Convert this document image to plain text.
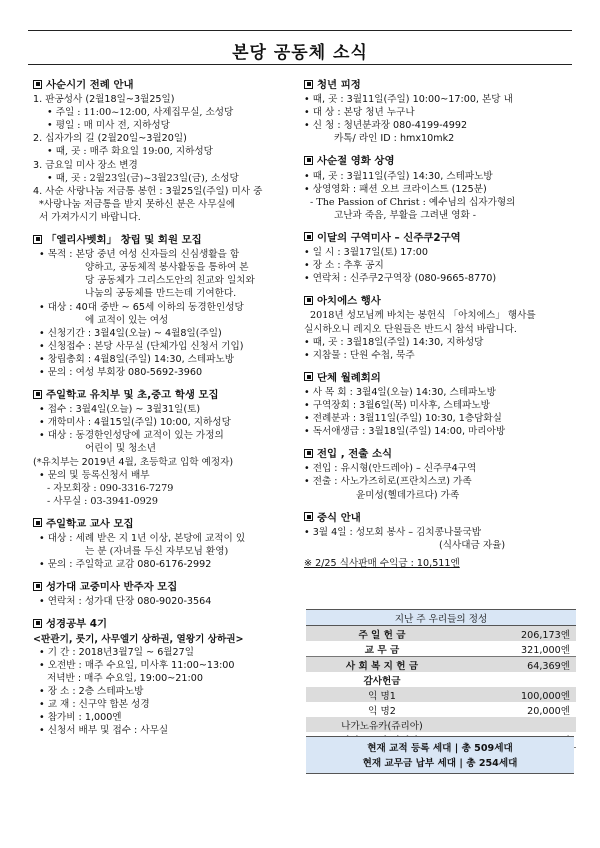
본당 공동체 소식
사순시기 전례 안내
1. 판공성사 (2월18일~3월25일)
• 주일 : 11:00~12:00, 사제집무실, 소성당
• 평일 : 매 미사 전, 지하성당
2. 십자가의 길 (2월20일~3월20일)
• 때, 곳 : 매주 화요일 19:00, 지하성당
3. 금요일 미사 장소 변경
• 때, 곳 : 2월23일(금)~3월23일(금), 소성당
4. 사순 사랑나눔 저금통 봉헌 : 3월25일(주일) 미사 중
*사랑나눔 저금통을 받지 못하신 분은 사무실에
서 가져가시기 바랍니다.
「엘리사벳회」 창립 및 회원 모집
• 목적 : 본당 중년 여성 신자들의 신심생활을 함
양하고, 공동체적 봉사활동을 통하여 본
당 공동체가 그리스도안의 친교와 일치와
나눔의 공동체를 만드는데 기여한다.
• 대상 : 40대 중반 ~ 65세 이하의 동경한인성당
에 교적이 있는 여성
• 신청기간 : 3월4일(오늘) ~ 4월8일(주일)
• 신청접수 : 본당 사무실 (단체가입 신청서 기입)
• 창립총회 : 4월8일(주일) 14:30, 스테파노방
• 문의 : 여성 부회장 080-5692-3960
주일학교 유치부 및 초,중고 학생 모집
• 접수 : 3월4일(오늘) ~ 3월31일(토)
• 개학미사 : 4월15일(주일) 10:00, 지하성당
• 대상 : 동경한인성당에 교적이 있는 가정의
어린이 및 청소년
(*유치부는 2019년 4월, 초등학교 입학 예정자)
• 문의 및 등록신청서 배부
- 자모회장 : 090-3316-7279
- 사무실 : 03-3941-0929
주일학교 교사 모집
• 대상 : 세례 받은 지 1년 이상, 본당에 교적이 있
는 분 (자녀를 두신 자부모님 환영)
• 문의 : 주일학교 교감 080-6176-2992
성가대 교중미사 반주자 모집
• 연락처 : 성가대 단장 080-9020-3564
성경공부 4기
<판관기, 룻기, 사무엘기 상하권, 열왕기 상하권>
• 기 간 : 2018년3월7일 ~ 6월27일
• 오전반 : 매주 수요일, 미사후 11:00~13:00
저녁반 : 매주 수요일, 19:00~21:00
• 장 소 : 2층 스테파노방
• 교 재 : 신구약 합본 성경
• 참가비 : 1,000엔
• 신청서 배부 및 접수 : 사무실
청년 피정
• 때, 곳 : 3월11일(주일) 10:00~17:00, 본당 내
• 대 상 : 본당 청년 누구나
• 신 청 : 청년분과장 080-4199-4992
카톡/ 라인 ID : hmx10mk2
사순절 영화 상영
• 때, 곳 : 3월11일(주일) 14:30, 스테파노방
• 상영영화 : 패션 오브 크라이스트 (125분)
- The Passion of Christ : 예수님의 십자가형의
고난과 죽음, 부활을 그려낸 영화 -
이달의 구역미사 – 신주쿠2구역
• 일 시 : 3월17일(토) 17:00
• 장 소 : 추후 공지
• 연락처 : 신주쿠2구역장 (080-9665-8770)
아치에스 행사
2018년 성모님께 바치는 봉헌식 「아치에스」 행사를
실시하오니 레지오 단원들은 반드시 참석 바랍니다.
• 때, 곳 : 3월18일(주일) 14:30, 지하성당
• 지참물 : 단원 수첩, 묵주
단체 월례회의
• 사 목 회 : 3월4일(오늘) 14:30, 스테파노방
• 구역장회 : 3월6일(목) 미사후, 스테파노방
• 전례분과 : 3월11일(주일) 10:30, 1층담화실
• 독서애생급 : 3월18일(주일) 14:00, 마리아방
전입 , 전출 소식
• 전입 : 유시형(안드레아) – 신주쿠4구역
• 전출 : 사노가즈히로(프란치스코) 가족
윤미성(헬데가르다) 가족
중식 안내
• 3월 4일 : 성모회 봉사 – 김치콩나물국밥
(식사대금 자율)
※ 2/25 식사판매 수익금 : 10,511엔
지난 주 우리들의 정성	
주 일 헌 금	206,173엔
교 무 금	321,000엔
사 회 복 지 헌 금	64,369엔
감사헌금	
익 명1	100,000엔
익 명2	20,000엔
나가노유카(쥬리아)	

현재 교적 등록 세대 | 총 509세대
현재 교무금 납부 세대 | 총 254세대
